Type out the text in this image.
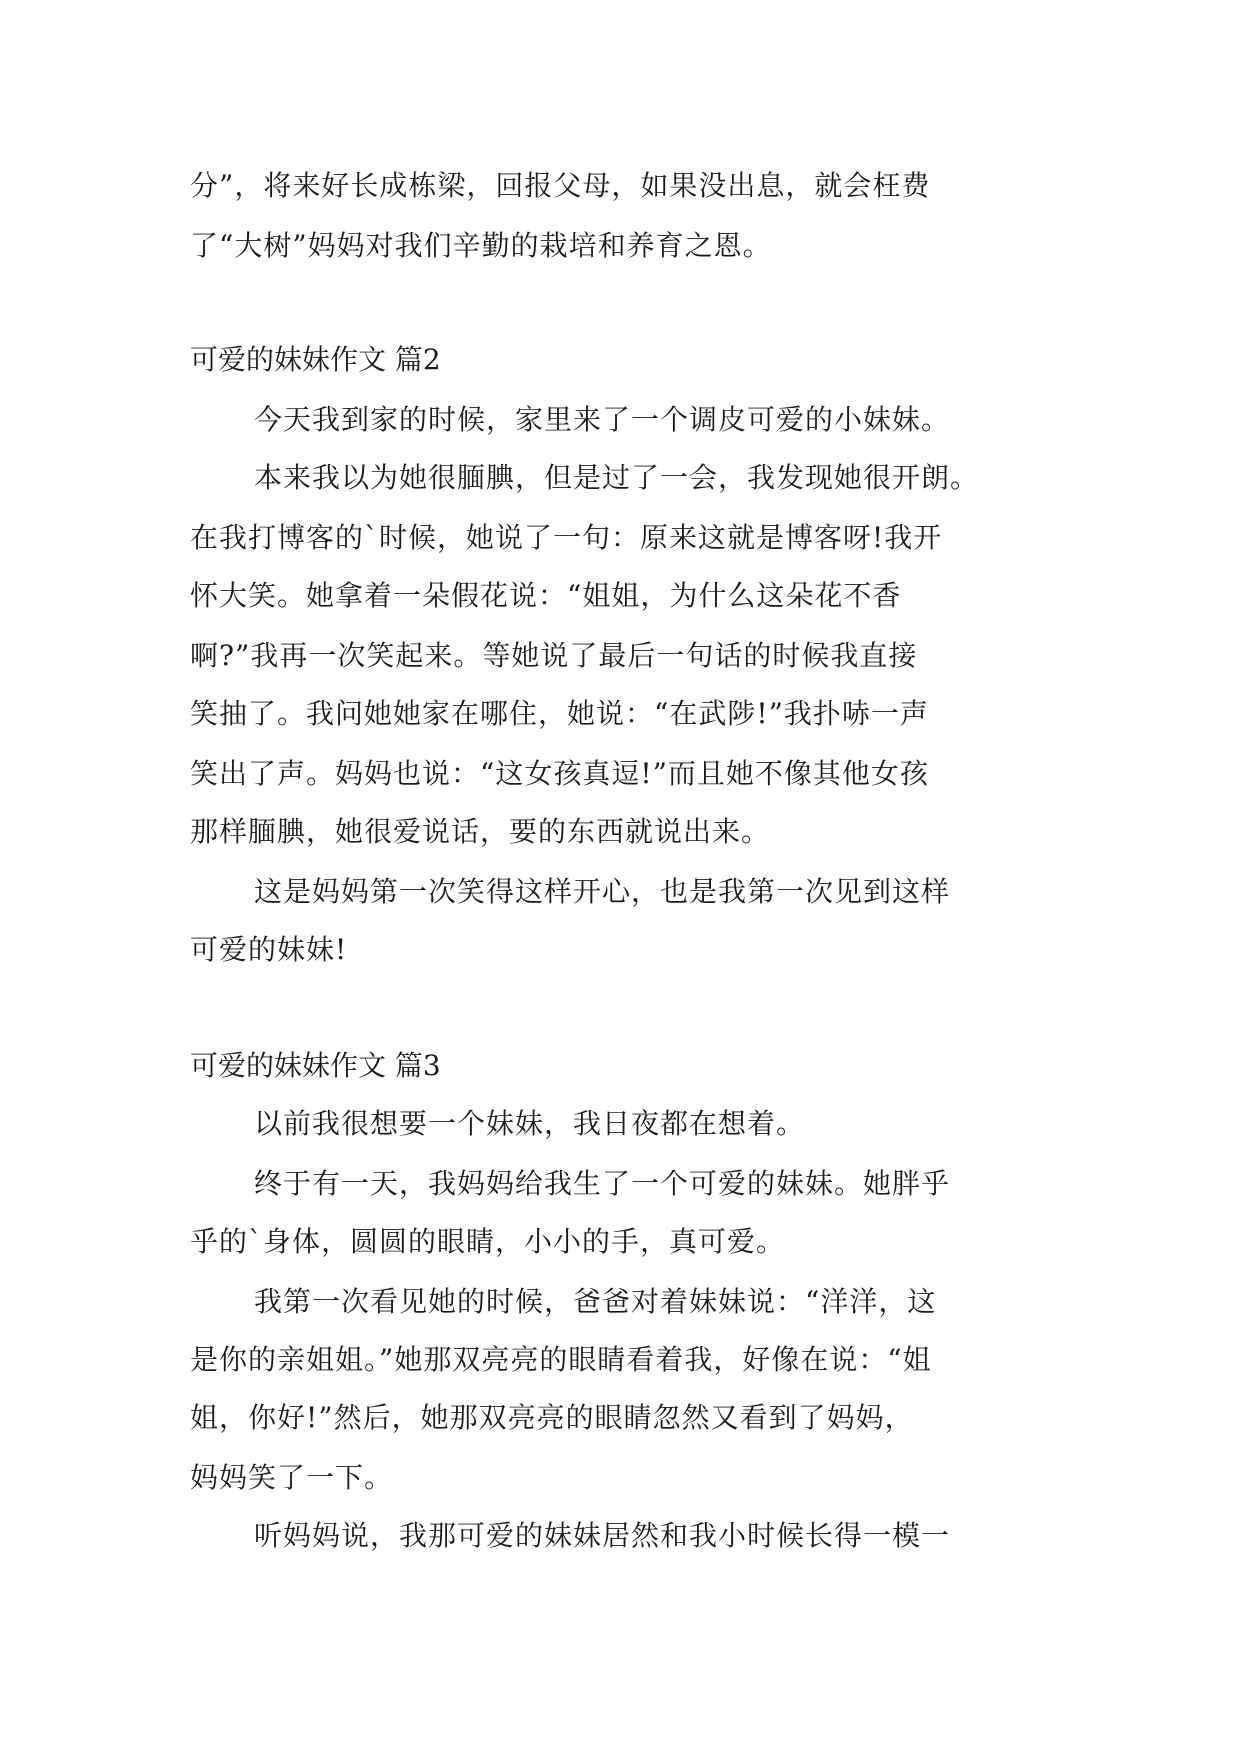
分”，将来好长成栋梁，回报父母，如果没出息，就会枉费
了“大树”妈妈对我们辛勤的栽培和养育之恩。
可爱的妹妹作文 篇2
今天我到家的时候，家里来了一个调皮可爱的小妹妹。
本来我以为她很腼腆，但是过了一会，我发现她很开朗。
在我打博客的`时候，她说了一句：原来这就是博客呀!我开
怀大笑。她拿着一朵假花说：“姐姐，为什么这朵花不香
啊?”我再一次笑起来。等她说了最后一句话的时候我直接
笑抽了。我问她她家在哪住，她说：“在武陟!”我扑哧一声
笑出了声。妈妈也说：“这女孩真逗!”而且她不像其他女孩
那样腼腆，她很爱说话，要的东西就说出来。
这是妈妈第一次笑得这样开心，也是我第一次见到这样
可爱的妹妹!
可爱的妹妹作文 篇3
以前我很想要一个妹妹，我日夜都在想着。
终于有一天，我妈妈给我生了一个可爱的妹妹。她胖乎
乎的`身体，圆圆的眼睛，小小的手，真可爱。
我第一次看见她的时候，爸爸对着妹妹说：“洋洋，这
是你的亲姐姐。”她那双亮亮的眼睛看着我，好像在说：“姐
姐，你好!”然后，她那双亮亮的眼睛忽然又看到了妈妈，
妈妈笑了一下。
听妈妈说，我那可爱的妹妹居然和我小时候长得一模一
